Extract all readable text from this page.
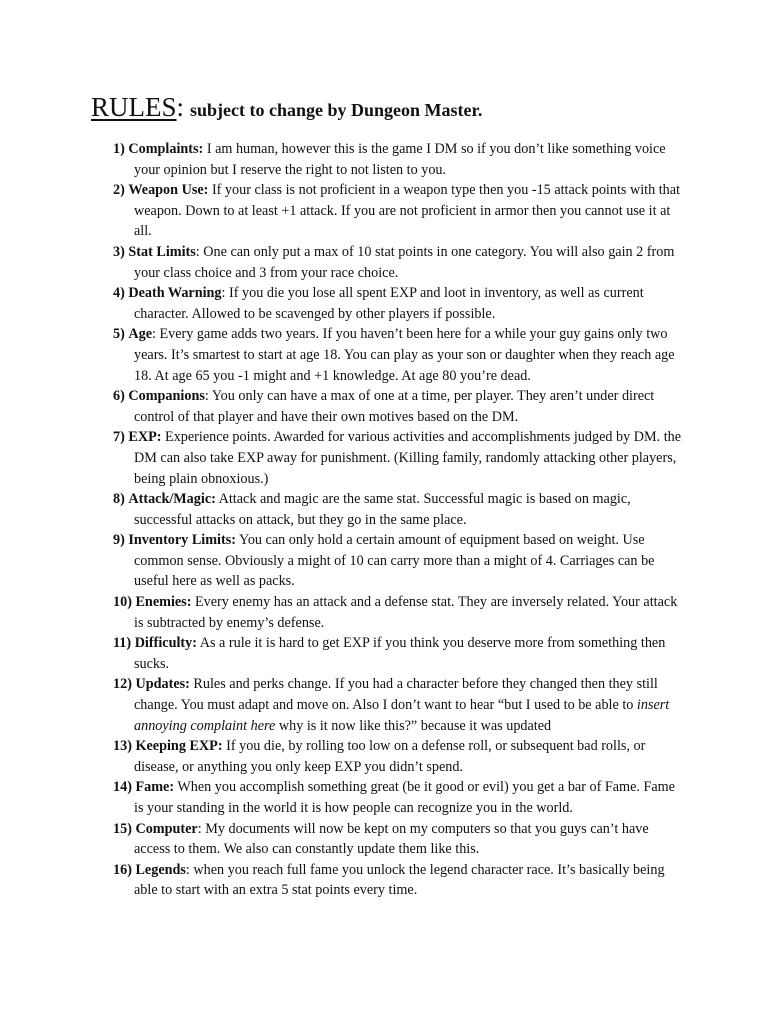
RULES: subject to change by Dungeon Master.
1) Complaints: I am human, however this is the game I DM so if you don’t like something voice your opinion but I reserve the right to not listen to you.
2) Weapon Use: If your class is not proficient in a weapon type then you -15 attack points with that weapon. Down to at least +1 attack. If you are not proficient in armor then you cannot use it at all.
3) Stat Limits: One can only put a max of 10 stat points in one category. You will also gain 2 from your class choice and 3 from your race choice.
4) Death Warning: If you die you lose all spent EXP and loot in inventory, as well as current character. Allowed to be scavenged by other players if possible.
5) Age: Every game adds two years. If you haven’t been here for a while your guy gains only two years. It’s smartest to start at age 18. You can play as your son or daughter when they reach age 18. At age 65 you -1 might and +1 knowledge. At age 80 you’re dead.
6) Companions: You only can have a max of one at a time, per player. They aren’t under direct control of that player and have their own motives based on the DM.
7) EXP: Experience points. Awarded for various activities and accomplishments judged by DM. the DM can also take EXP away for punishment. (Killing family, randomly attacking other players, being plain obnoxious.)
8) Attack/Magic: Attack and magic are the same stat. Successful magic is based on magic, successful attacks on attack, but they go in the same place.
9) Inventory Limits: You can only hold a certain amount of equipment based on weight. Use common sense. Obviously a might of 10 can carry more than a might of 4. Carriages can be useful here as well as packs.
10) Enemies: Every enemy has an attack and a defense stat. They are inversely related. Your attack is subtracted by enemy’s defense.
11) Difficulty: As a rule it is hard to get EXP if you think you deserve more from something then sucks.
12) Updates: Rules and perks change. If you had a character before they changed then they still change. You must adapt and move on. Also I don’t want to hear “but I used to be able to insert annoying complaint here why is it now like this?” because it was updated
13) Keeping EXP: If you die, by rolling too low on a defense roll, or subsequent bad rolls, or disease, or anything you only keep EXP you didn’t spend.
14) Fame: When you accomplish something great (be it good or evil) you get a bar of Fame. Fame is your standing in the world it is how people can recognize you in the world.
15) Computer: My documents will now be kept on my computers so that you guys can’t have access to them. We also can constantly update them like this.
16) Legends: when you reach full fame you unlock the legend character race. It’s basically being able to start with an extra 5 stat points every time.
